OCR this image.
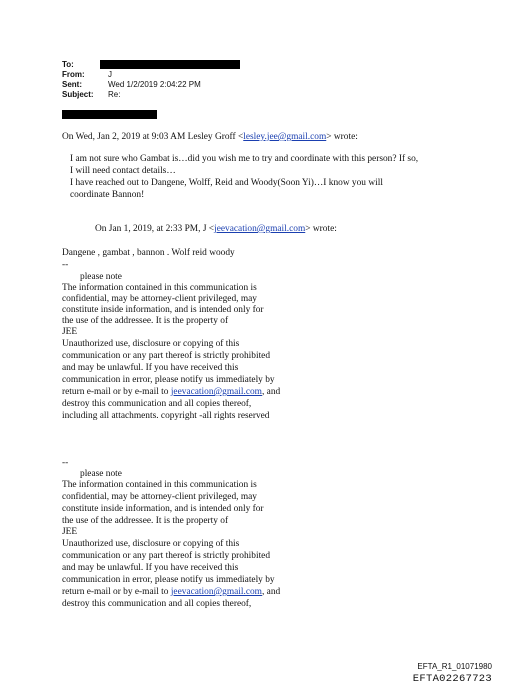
To:
From:	J
Sent:	Wed 1/2/2019 2:04:22 PM
Subject: Re:
On Wed, Jan 2, 2019 at 9:03 AM Lesley Groff <lesley.jee@gmail.com> wrote:
I am not sure who Gambat is…did you wish me to try and coordinate with this person? If so,
I will need contact details…
I have reached out to Dangene, Wolff, Reid and Woody(Soon Yi)…I know you will
coordinate Bannon!
On Jan 1, 2019, at 2:33 PM, J <jeevacation@gmail.com> wrote:
Dangene , gambat , bannon . Wolf reid woody
--
please note
The information contained in this communication is
confidential, may be attorney-client privileged, may
constitute inside information, and is intended only for
the use of the addressee. It is the property of
JEE
Unauthorized use, disclosure or copying of this
communication or any part thereof is strictly prohibited
and may be unlawful. If you have received this
communication in error, please notify us immediately by
return e-mail or by e-mail to jeevacation@gmail.com, and
destroy this communication and all copies thereof,
including all attachments. copyright -all rights reserved
--
please note
The information contained in this communication is
confidential, may be attorney-client privileged, may
constitute inside information, and is intended only for
the use of the addressee. It is the property of
JEE
Unauthorized use, disclosure or copying of this
communication or any part thereof is strictly prohibited
and may be unlawful. If you have received this
communication in error, please notify us immediately by
return e-mail or by e-mail to jeevacation@gmail.com, and
destroy this communication and all copies thereof,
EFTA_R1_01071980
EFTA02267723
